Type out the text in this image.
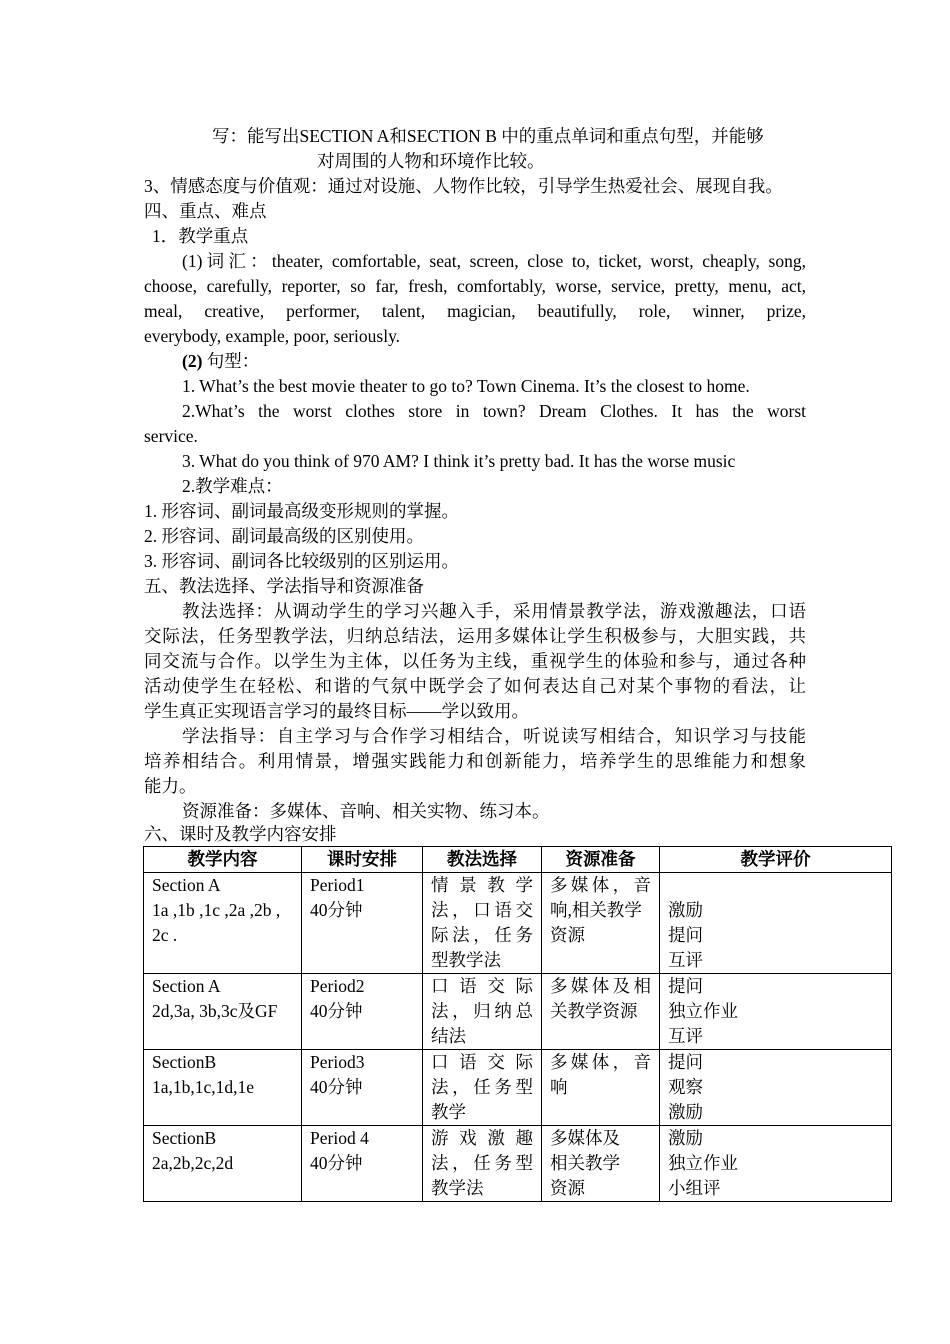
写：能写出SECTION A和SECTION B 中的重点单词和重点句型，并能够
对周围的人物和环境作比较。
3、情感态度与价值观：通过对设施、人物作比较，引导学生热爱社会、展现自我。
四、重点、难点
1．教学重点
(1)词汇：theater, comfortable, seat, screen, close to, ticket, worst, cheaply, song,
choose, carefully, reporter, so far, fresh, comfortably, worse, service, pretty, menu, act,
meal, creative, performer, talent, magician, beautifully, role, winner, prize,
everybody, example, poor, seriously.
(2) 句型：
1. What’s the best movie theater to go to? Town Cinema. It’s the closest to home.
2.What’s the worst clothes store in town? Dream Clothes. It has the worst
service.
3. What do you think of 970 AM? I think it’s pretty bad. It has the worse music
2.教学难点：
1. 形容词、副词最高级变形规则的掌握。
2. 形容词、副词最高级的区别使用。
3. 形容词、副词各比较级别的区别运用。
五、教法选择、学法指导和资源准备
教法选择：从调动学生的学习兴趣入手，采用情景教学法，游戏激趣法，口语
交际法，任务型教学法，归纳总结法，运用多媒体让学生积极参与，大胆实践，共
同交流与合作。以学生为主体，以任务为主线，重视学生的体验和参与，通过各种
活动使学生在轻松、和谐的气氛中既学会了如何表达自己对某个事物的看法，让
学生真正实现语言学习的最终目标——学以致用。
学法指导：自主学习与合作学习相结合，听说读写相结合，知识学习与技能
培养相结合。利用情景，增强实践能力和创新能力，培养学生的思维能力和想象
能力。
资源准备：多媒体、音响、相关实物、练习本。
六、课时及教学内容安排
教学内容	课时安排	教法选择	资源准备	教学评价

Section A
1a ,1b ,1c ,2a ,2b ,
2c .	Period1
40分钟	情景教学
法，口语交
际法，任务
型教学法	多媒体，音
响,相关教学
资源	激励
提问
互评

Section A
2d,3a, 3b,3c及GF	Period2
40分钟	口语交际
法，归纳总
结法	多媒体及相
关教学资源	提问
独立作业
互评

SectionB
1a,1b,1c,1d,1e	Period3
40分钟	口语交际
法，任务型
教学	多媒体，音
响	提问
观察
激励

SectionB
2a,2b,2c,2d	Period 4
40分钟	游戏激趣
法，任务型
教学法	多媒体及
相关教学
资源	激励
独立作业
小组评
